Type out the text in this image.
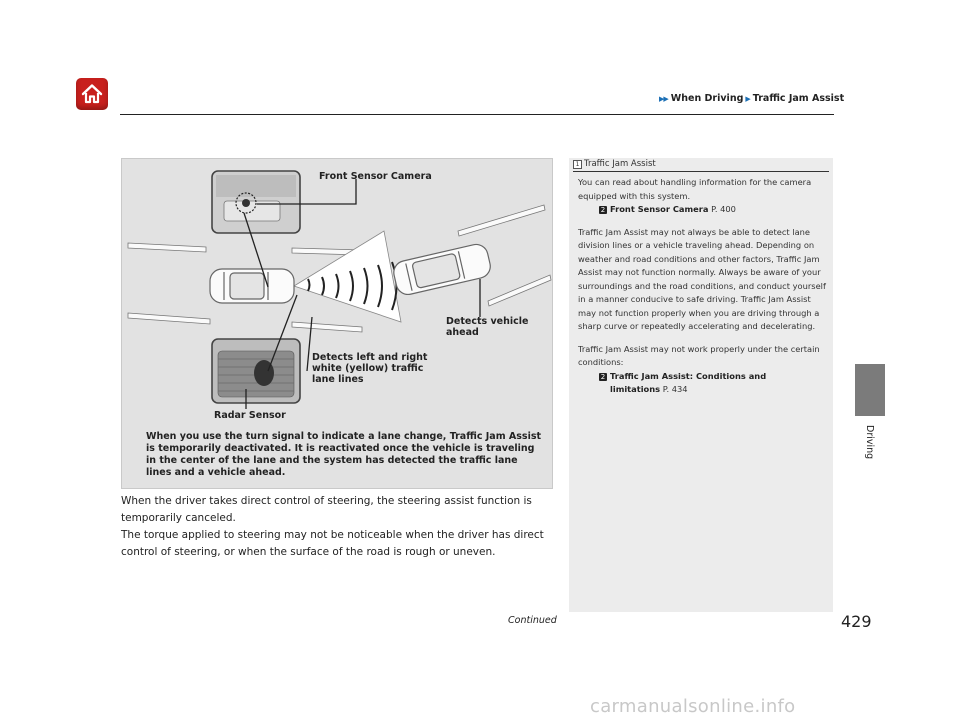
▶▶ When Driving ▶ Traffic Jam Assist
Front Sensor Camera
Detects vehicle
ahead
Detects left and right
white (yellow) traffic
lane lines
Radar Sensor
When you use the turn signal to indicate a lane change, Traffic Jam Assist is temporarily deactivated. It is reactivated once the vehicle is traveling in the center of the lane and the system has detected the traffic lane lines and a vehicle ahead.

When the driver takes direct control of steering, the steering assist function is temporarily canceled.

The torque applied to steering may not be noticeable when the driver has direct control of steering, or when the surface of the road is rough or uneven.

Continued
1 Traffic Jam Assist

You can read about handling information for the camera equipped with this system.

2 Front Sensor Camera P. 400

Traffic Jam Assist may not always be able to detect lane division lines or a vehicle traveling ahead. Depending on weather and road conditions and other factors, Traffic Jam Assist may not function normally. Always be aware of your surroundings and the road conditions, and conduct yourself in a manner conducive to safe driving. Traffic Jam Assist may not function properly when you are driving through a sharp curve or repeatedly accelerating and decelerating.

Traffic Jam Assist may not work properly under the certain conditions:

2 Traffic Jam Assist: Conditions and
limitations P. 434

Driving
429
carmanualsonline.info
